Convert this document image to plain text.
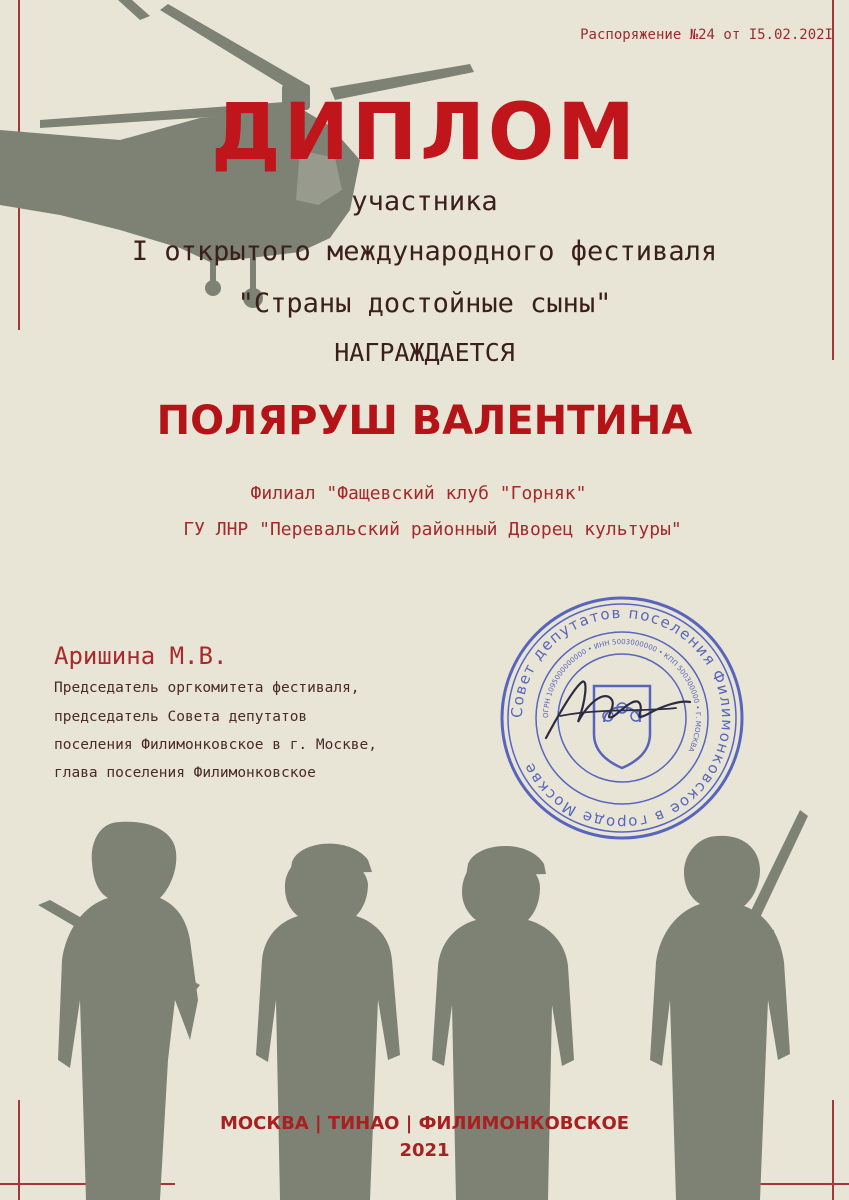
Распоряжение №24 от I5.02.202I
ДИПЛОМ
участника
I открытого международного фестиваля
"Страны достойные сыны"
НАГРАЖДАЕТСЯ
ПОЛЯРУШ ВАЛЕНТИНА
Филиал "Фащевский клуб "Горняк"
ГУ ЛНР "Перевальский районный Дворец культуры"
Аришина М.В.
Председатель оргкомитета фестиваля,
председатель Совета депутатов
поселения Филимонковское в г. Москве,
глава поселения Филимонковское
Совет депутатов поселения Филимонковское в городе Москве
ОГРН 1095000000000 • ИНН 5003000000 • КПП 500300000 • Г. МОСКВА
МОСКВА | ТИНАО | ФИЛИМОНКОВСКОЕ
2021
